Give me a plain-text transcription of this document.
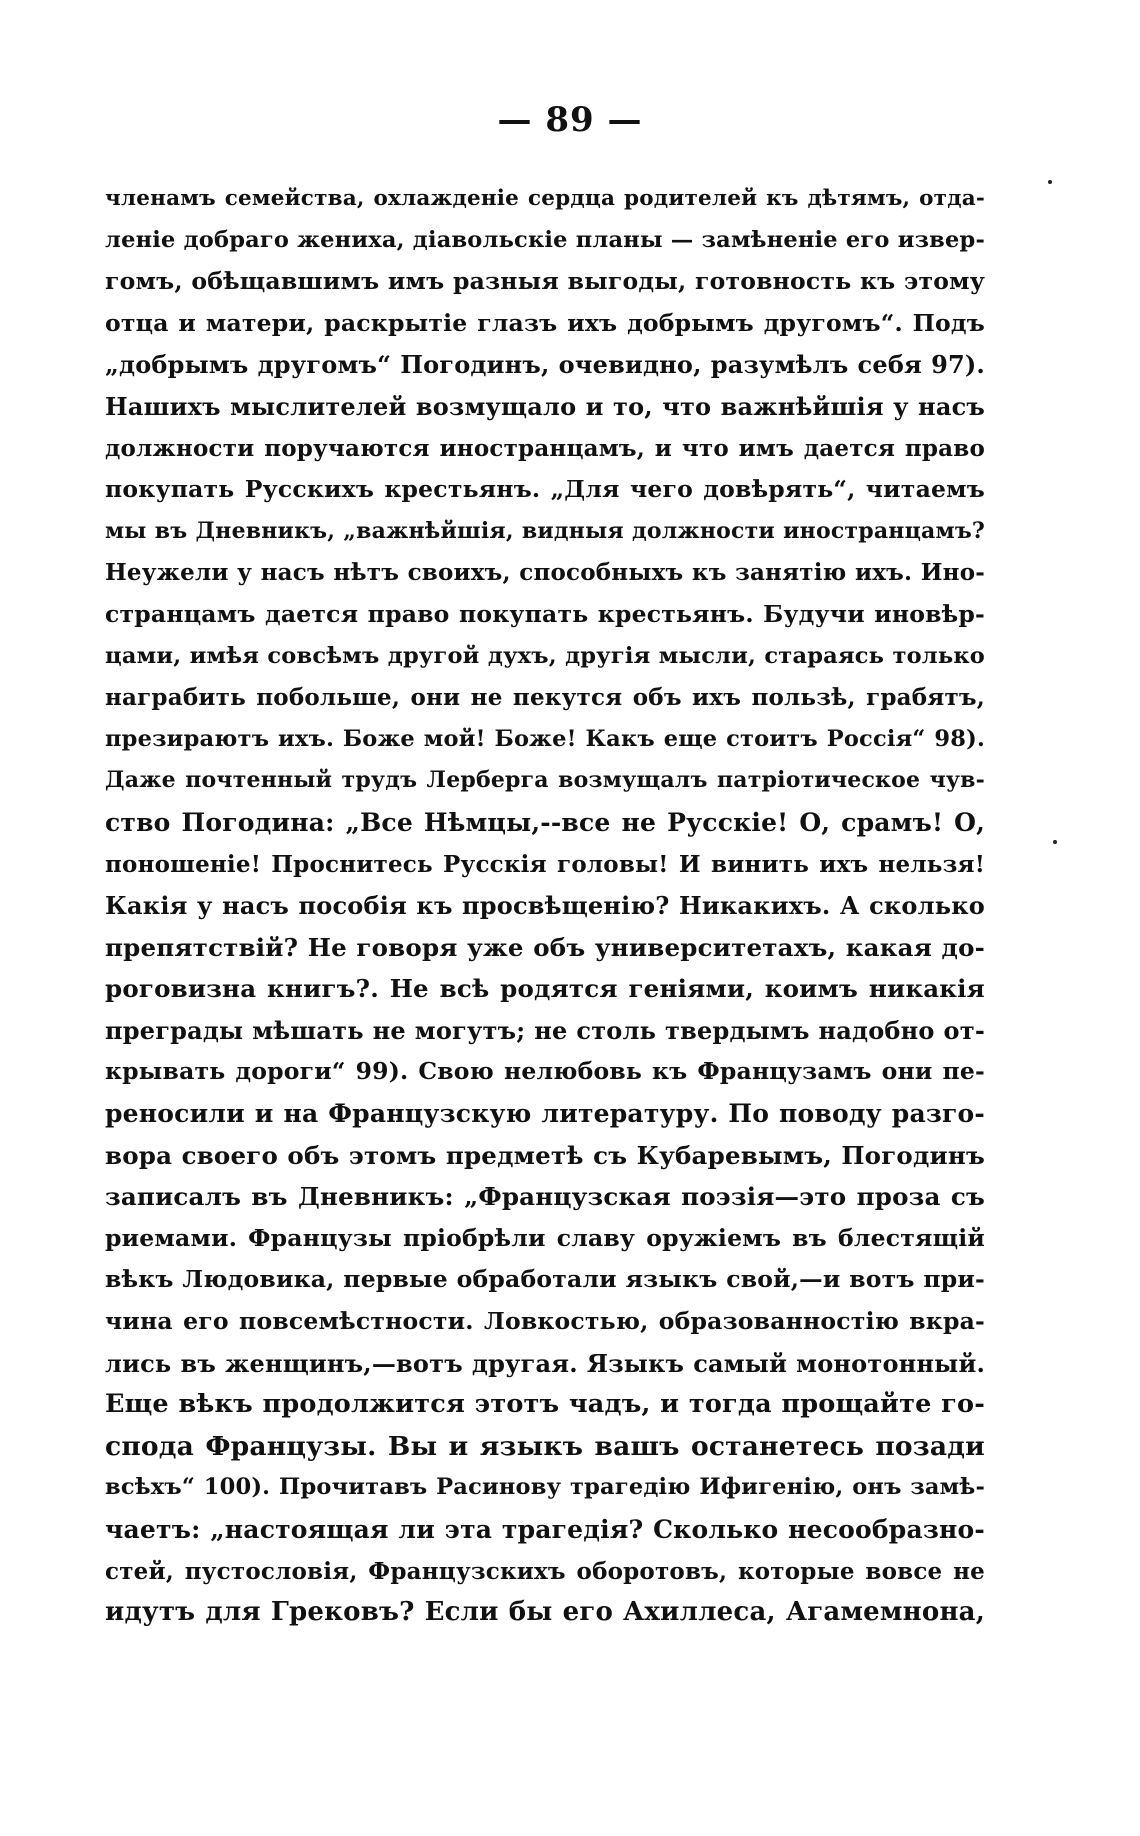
— 89 —
членамъ семейства, охлажденіе сердца родителей къ дѣтямъ, отда-
леніе добраго жениха, діавольскіе планы — замѣненіе его извер-
гомъ, обѣщавшимъ имъ разныя выгоды, готовность къ этому
отца и матери, раскрытіе глазъ ихъ добрымъ другомъ“. Подъ
„добрымъ другомъ“ Погодинъ, очевидно, разумѣлъ себя 97).
Нашихъ мыслителей возмущало и то, что важнѣйшія у насъ
должности поручаются иностранцамъ, и что имъ дается право
покупать Русскихъ крестьянъ. „Для чего довѣрять“, читаемъ
мы въ Дневникъ, „важнѣйшія, видныя должности иностранцамъ?
Неужели у насъ нѣтъ своихъ, способныхъ къ занятію ихъ. Ино-
странцамъ дается право покупать крестьянъ. Будучи иновѣр-
цами, имѣя совсѣмъ другой духъ, другія мысли, стараясь только
награбить побольше, они не пекутся объ ихъ пользѣ, грабятъ,
презираютъ ихъ. Боже мой! Боже! Какъ еще стоитъ Россія“ 98).
Даже почтенный трудъ Лерберга возмущалъ патріотическое чув-
ство Погодина: „Все Нѣмцы,--все не Русскіе! О, срамъ! О,
поношеніе! Проснитесь Русскія головы! И винить ихъ нельзя!
Какія у насъ пособія къ просвѣщенію? Никакихъ. А сколько
препятствій? Не говоря уже объ университетахъ, какая до-
роговизна книгъ?. Не всѣ родятся геніями, коимъ никакія
преграды мѣшать не могутъ; не столь твердымъ надобно от-
крывать дороги“ 99). Свою нелюбовь къ Французамъ они пе-
реносили и на Французскую литературу. По поводу разго-
вора своего объ этомъ предметѣ съ Кубаревымъ, Погодинъ
записалъ въ Дневникъ: „Французская поэзія—это проза съ
риемами. Французы пріобрѣли славу оружіемъ въ блестящій
вѣкъ Людовика, первые обработали языкъ свой,—и вотъ при-
чина его повсемѣстности. Ловкостью, образованностію вкра-
лись въ женщинъ,—вотъ другая. Языкъ самый монотонный.
Еще вѣкъ продолжится этотъ чадъ, и тогда прощайте го-
спода Французы. Вы и языкъ вашъ останетесь позади
всѣхъ“ 100). Прочитавъ Расинову трагедію Ифигенію, онъ замѣ-
чаетъ: „настоящая ли эта трагедія? Сколько несообразно-
стей, пустословія, Французскихъ оборотовъ, которые вовсе не
идутъ для Грековъ? Если бы его Ахиллеса, Агамемнона,
